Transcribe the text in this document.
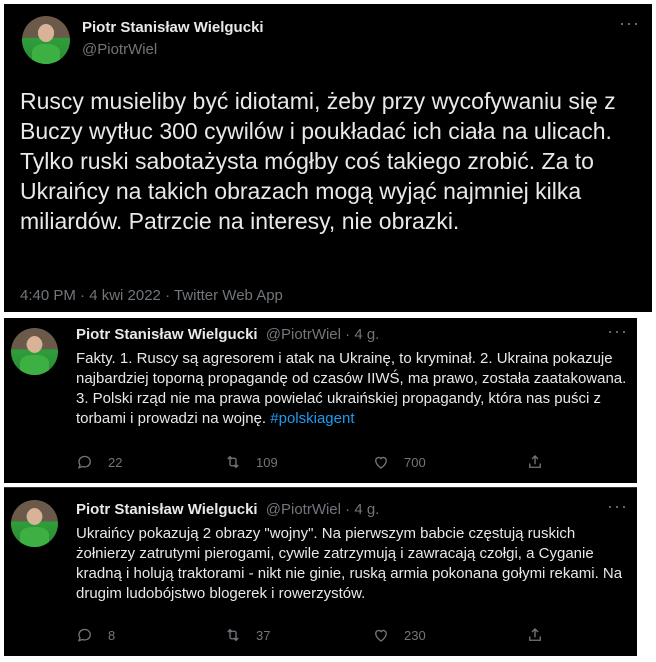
Piotr Stanisław Wielgucki
@PiotrWiel
···
Ruscy musieliby być idiotami, żeby przy wycofywaniu się z Buczy wytłuc 300 cywilów i poukładać ich ciała na ulicach. Tylko ruski sabotażysta mógłby coś takiego zrobić. Za to Ukraińcy na takich obrazach mogą wyjąć najmniej kilka miliardów. Patrzcie na interesy, nie obrazki.
4:40 PM · 4 kwi 2022 · Twitter Web App
Piotr Stanisław Wielgucki @PiotrWiel · 4 g.	···
Fakty. 1. Ruscy są agresorem i atak na Ukrainę, to kryminał. 2. Ukraina pokazuje najbardziej toporną propagandę od czasów IIWŚ, ma prawo, została zaatakowana. 3. Polski rząd nie ma prawa powielać ukraińskiej propagandy, która nas puści z torbami i prowadzi na wojnę. #polskiagent
22	109	700
Piotr Stanisław Wielgucki @PiotrWiel · 4 g.	···
Ukraińcy pokazują 2 obrazy "wojny". Na pierwszym babcie częstują ruskich żołnierzy zatrutymi pierogami, cywile zatrzymują i zawracają czołgi, a Cyganie kradną i holują traktorami - nikt nie ginie, ruską armia pokonana gołymi rekami. Na drugim ludobójstwo blogerek i rowerzystów.
8	37	230
